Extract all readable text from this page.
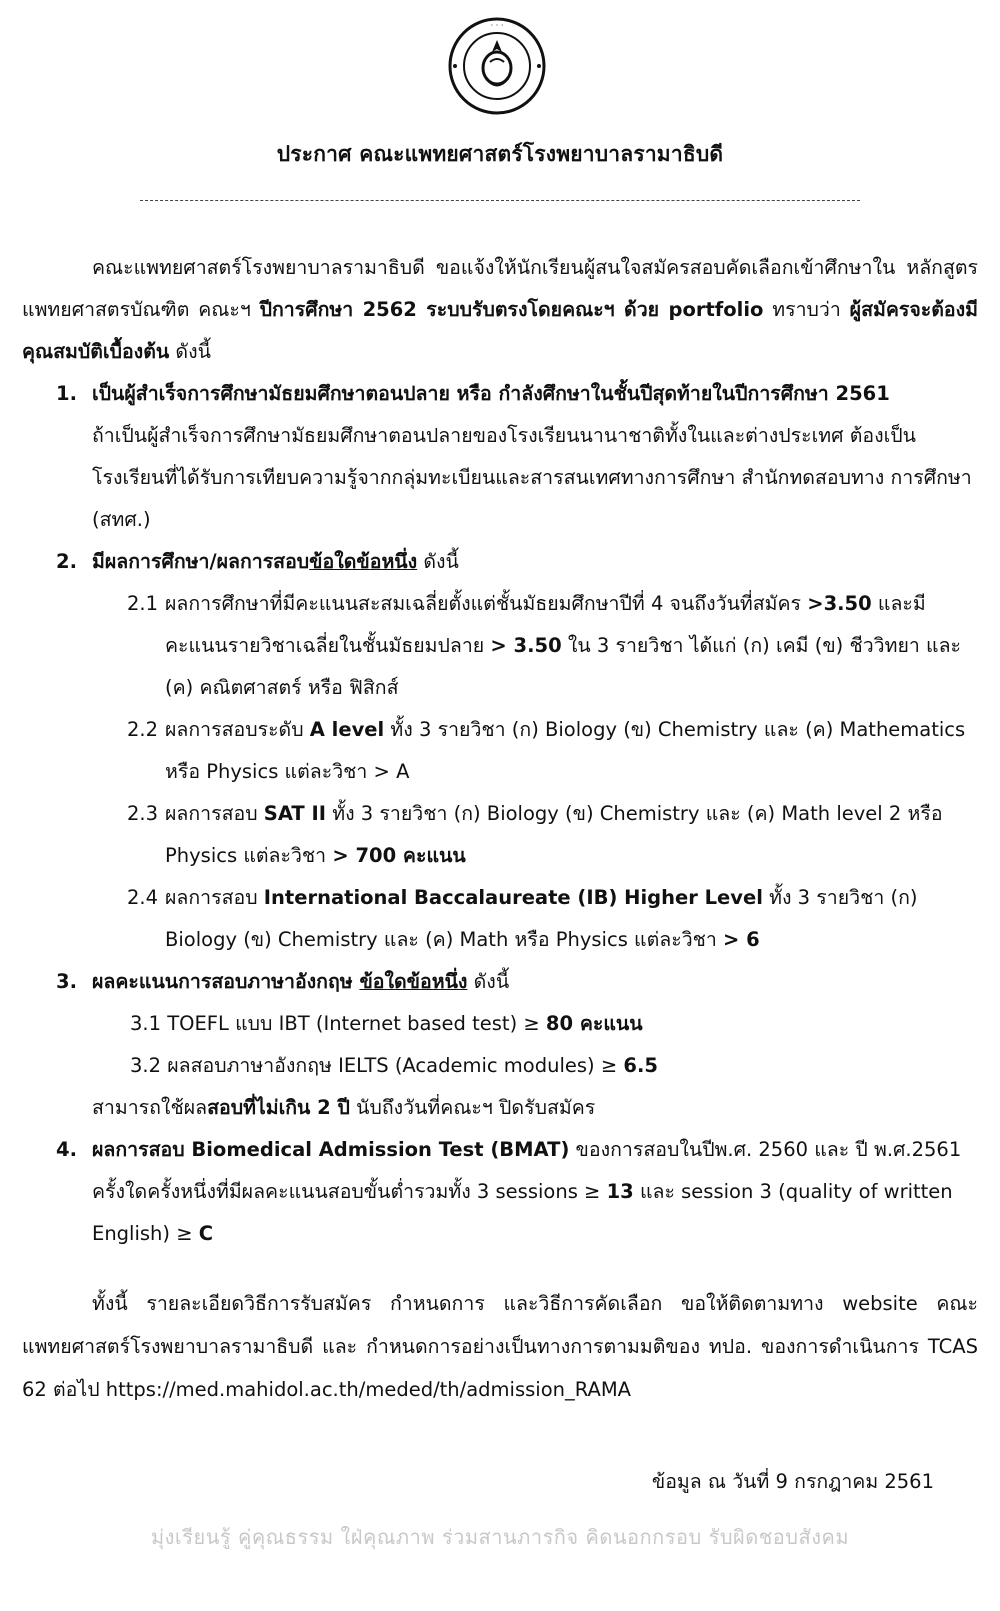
· · ·
ประกาศ คณะแพทยศาสตร์โรงพยาบาลรามาธิบดี

คณะแพทยศาสตร์โรงพยาบาลรามาธิบดี ขอแจ้งให้นักเรียนผู้สนใจสมัครสอบคัดเลือกเข้าศึกษาใน หลักสูตรแพทยศาสตรบัณฑิต คณะฯ ปีการศึกษา 2562 ระบบรับตรงโดยคณะฯ ด้วย portfolio ทราบว่า ผู้สมัครจะต้องมีคุณสมบัติเบื้องต้น ดังนี้

1. เป็นผู้สำเร็จการศึกษามัธยมศึกษาตอนปลาย หรือ กำลังศึกษาในชั้นปีสุดท้ายในปีการศึกษา 2561
ถ้าเป็นผู้สำเร็จการศึกษามัธยมศึกษาตอนปลายของโรงเรียนนานาชาติทั้งในและต่างประเทศ ต้องเป็น โรงเรียนที่ได้รับการเทียบความรู้จากกลุ่มทะเบียนและสารสนเทศทางการศึกษา สำนักทดสอบทาง การศึกษา (สทศ.)

2. มีผลการศึกษา/ผลการสอบข้อใดข้อหนึ่ง ดังนี้

2.1 ผลการศึกษาที่มีคะแนนสะสมเฉลี่ยตั้งแต่ชั้นมัธยมศึกษาปีที่ 4 จนถึงวันที่สมัคร >3.50 และมี คะแนนรายวิชาเฉลี่ยในชั้นมัธยมปลาย > 3.50 ใน 3 รายวิชา ได้แก่ (ก) เคมี (ข) ชีววิทยา และ (ค) คณิตศาสตร์ หรือ ฟิสิกส์

2.2 ผลการสอบระดับ A level ทั้ง 3 รายวิชา (ก) Biology (ข) Chemistry และ (ค) Mathematics หรือ Physics แต่ละวิชา > A

2.3 ผลการสอบ SAT II ทั้ง 3 รายวิชา (ก) Biology (ข) Chemistry และ (ค) Math level 2 หรือ Physics แต่ละวิชา > 700 คะแนน

2.4 ผลการสอบ International Baccalaureate (IB) Higher Level ทั้ง 3 รายวิชา (ก) Biology (ข) Chemistry และ (ค) Math หรือ Physics แต่ละวิชา > 6

3. ผลคะแนนการสอบภาษาอังกฤษ ข้อใดข้อหนึ่ง ดังนี้

3.1 TOEFL แบบ IBT (Internet based test) ≥ 80 คะแนน

3.2 ผลสอบภาษาอังกฤษ IELTS (Academic modules) ≥ 6.5

สามารถใช้ผลสอบที่ไม่เกิน 2 ปี นับถึงวันที่คณะฯ ปิดรับสมัคร

4. ผลการสอบ Biomedical Admission Test (BMAT) ของการสอบในปีพ.ศ. 2560 และ ปี พ.ศ.2561 ครั้งใดครั้งหนึ่งที่มีผลคะแนนสอบขั้นต่ำรวมทั้ง 3 sessions ≥ 13 และ session 3 (quality of written English) ≥ C

ทั้งนี้ รายละเอียดวิธีการรับสมัคร กำหนดการ และวิธีการคัดเลือก ขอให้ติดตามทาง website คณะ แพทยศาสตร์โรงพยาบาลรามาธิบดี และ กำหนดการอย่างเป็นทางการตามมติของ ทปอ. ของการดำเนินการ TCAS 62 ต่อไป https://med.mahidol.ac.th/meded/th/admission_RAMA

ข้อมูล ณ วันที่ 9 กรกฎาคม 2561
มุ่งเรียนรู้ คู่คุณธรรม ใฝ่คุณภาพ ร่วมสานภารกิจ คิดนอกกรอบ รับผิดชอบสังคม
